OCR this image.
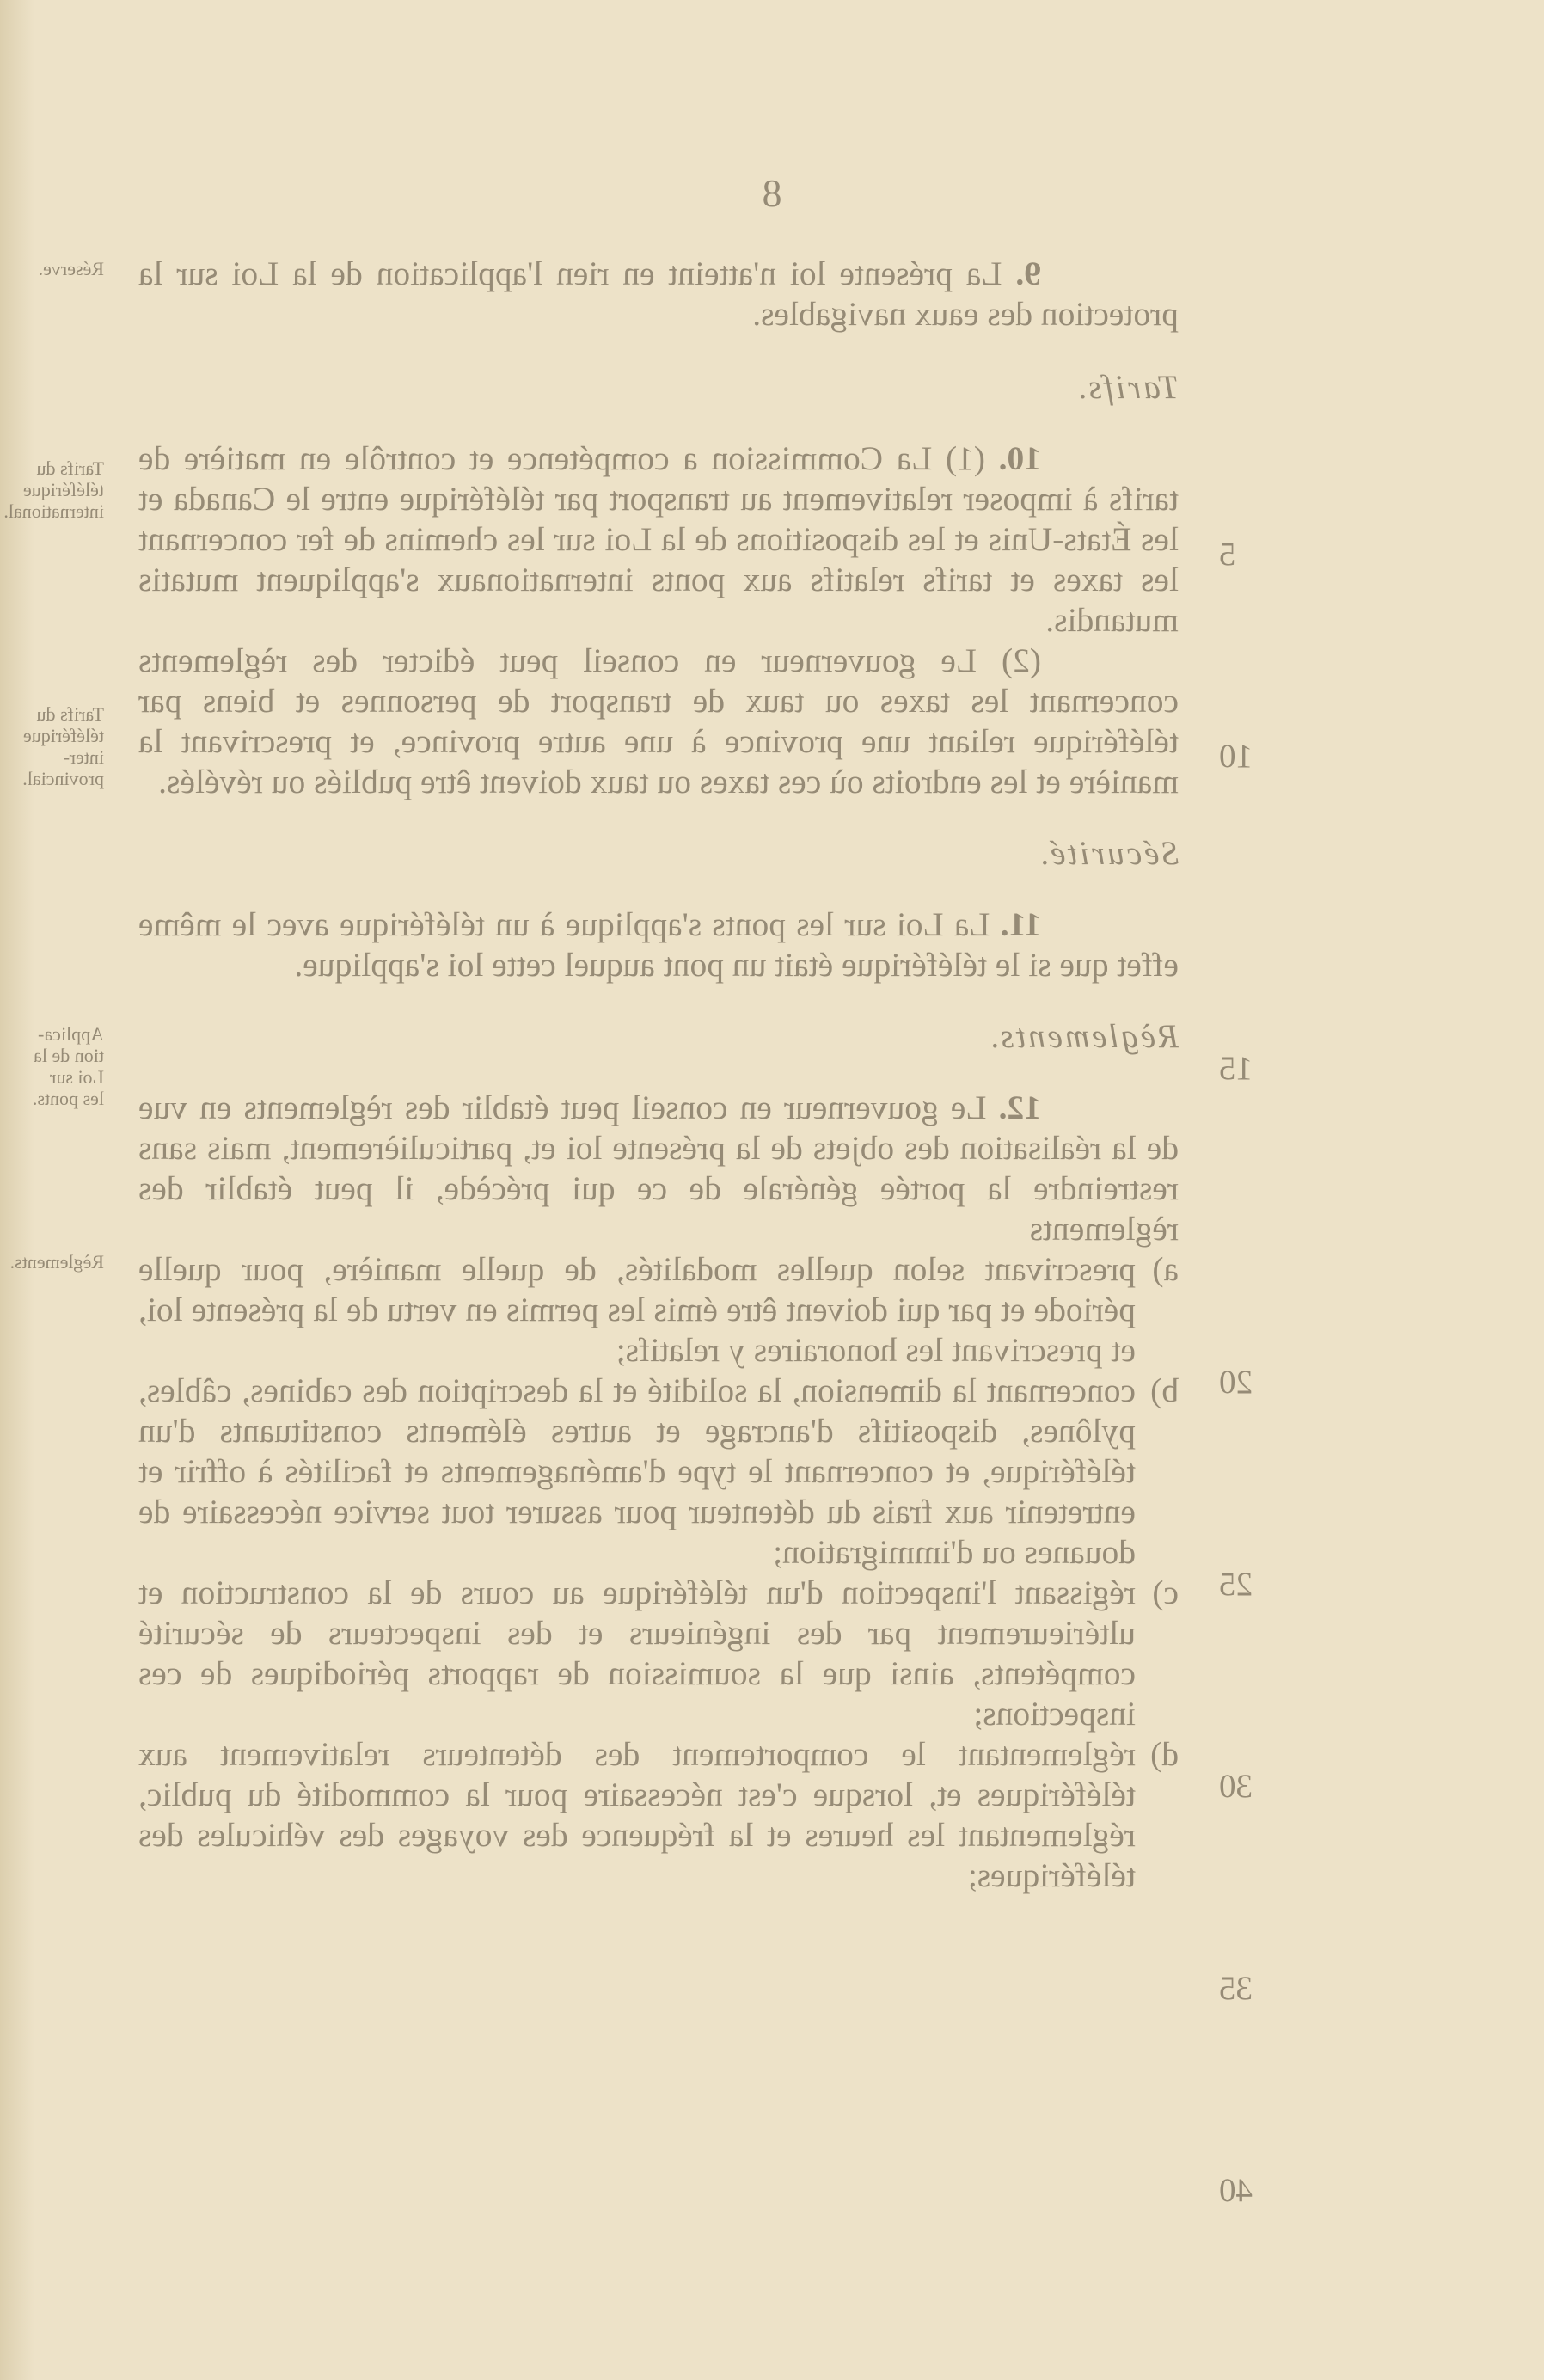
8
Réserve.
Tarifs du
téléférique
international.
Tarifs du
téléférique
inter-
provincial.
Applica-
tion de la
Loi sur
les ponts.
Règlements.
5
10
15
20
25
30
35
40

9. La présente loi n'atteint en rien l'application de la Loi sur la protection des eaux navigables.

Tarifs.

10. (1) La Commission a compétence et contrôle en matière de tarifs à imposer relativement au transport par téléférique entre le Canada et les États-Unis et les dispositions de la Loi sur les chemins de fer concernant les taxes et tarifs relatifs aux ponts internationaux s'appliquent mutatis mutandis.

(2) Le gouverneur en conseil peut édicter des règlements concernant les taxes ou taux de transport de personnes et biens par téléférique reliant une province à une autre province, et prescrivant la manière et les endroits où ces taxes ou taux doivent être publiés ou révélés.

Sécurité.

11. La Loi sur les ponts s'applique à un téléférique avec le même effet que si le téléférique était un pont auquel cette loi s'applique.

Règlements.

12. Le gouverneur en conseil peut établir des règlements en vue de la réalisation des objets de la présente loi et, particulièrement, mais sans restreindre la portée générale de ce qui précède, il peut établir des règlements

a)
prescrivant selon quelles modalités, de quelle manière, pour quelle période et par qui doivent être émis les permis en vertu de la présente loi, et prescrivant les honoraires y relatifs;
b)
concernant la dimension, la solidité et la description des cabines, câbles, pylônes, dispositifs d'ancrage et autres éléments constituants d'un téléférique, et concernant le type d'aménagements et facilités à offrir et entretenir aux frais du détenteur pour assurer tout service nécessaire de douanes ou d'immigration;
c)
régissant l'inspection d'un téléférique au cours de la construction et ultérieurement par des ingénieurs et des inspecteurs de sécurité compétents, ainsi que la soumission de rapports périodiques de ces inspections;
d)
réglementant le comportement des détenteurs relativement aux téléfériques et, lorsque c'est nécessaire pour la commodité du public, réglementant les heures et la fréquence des voyages des véhicules des téléfériques;
